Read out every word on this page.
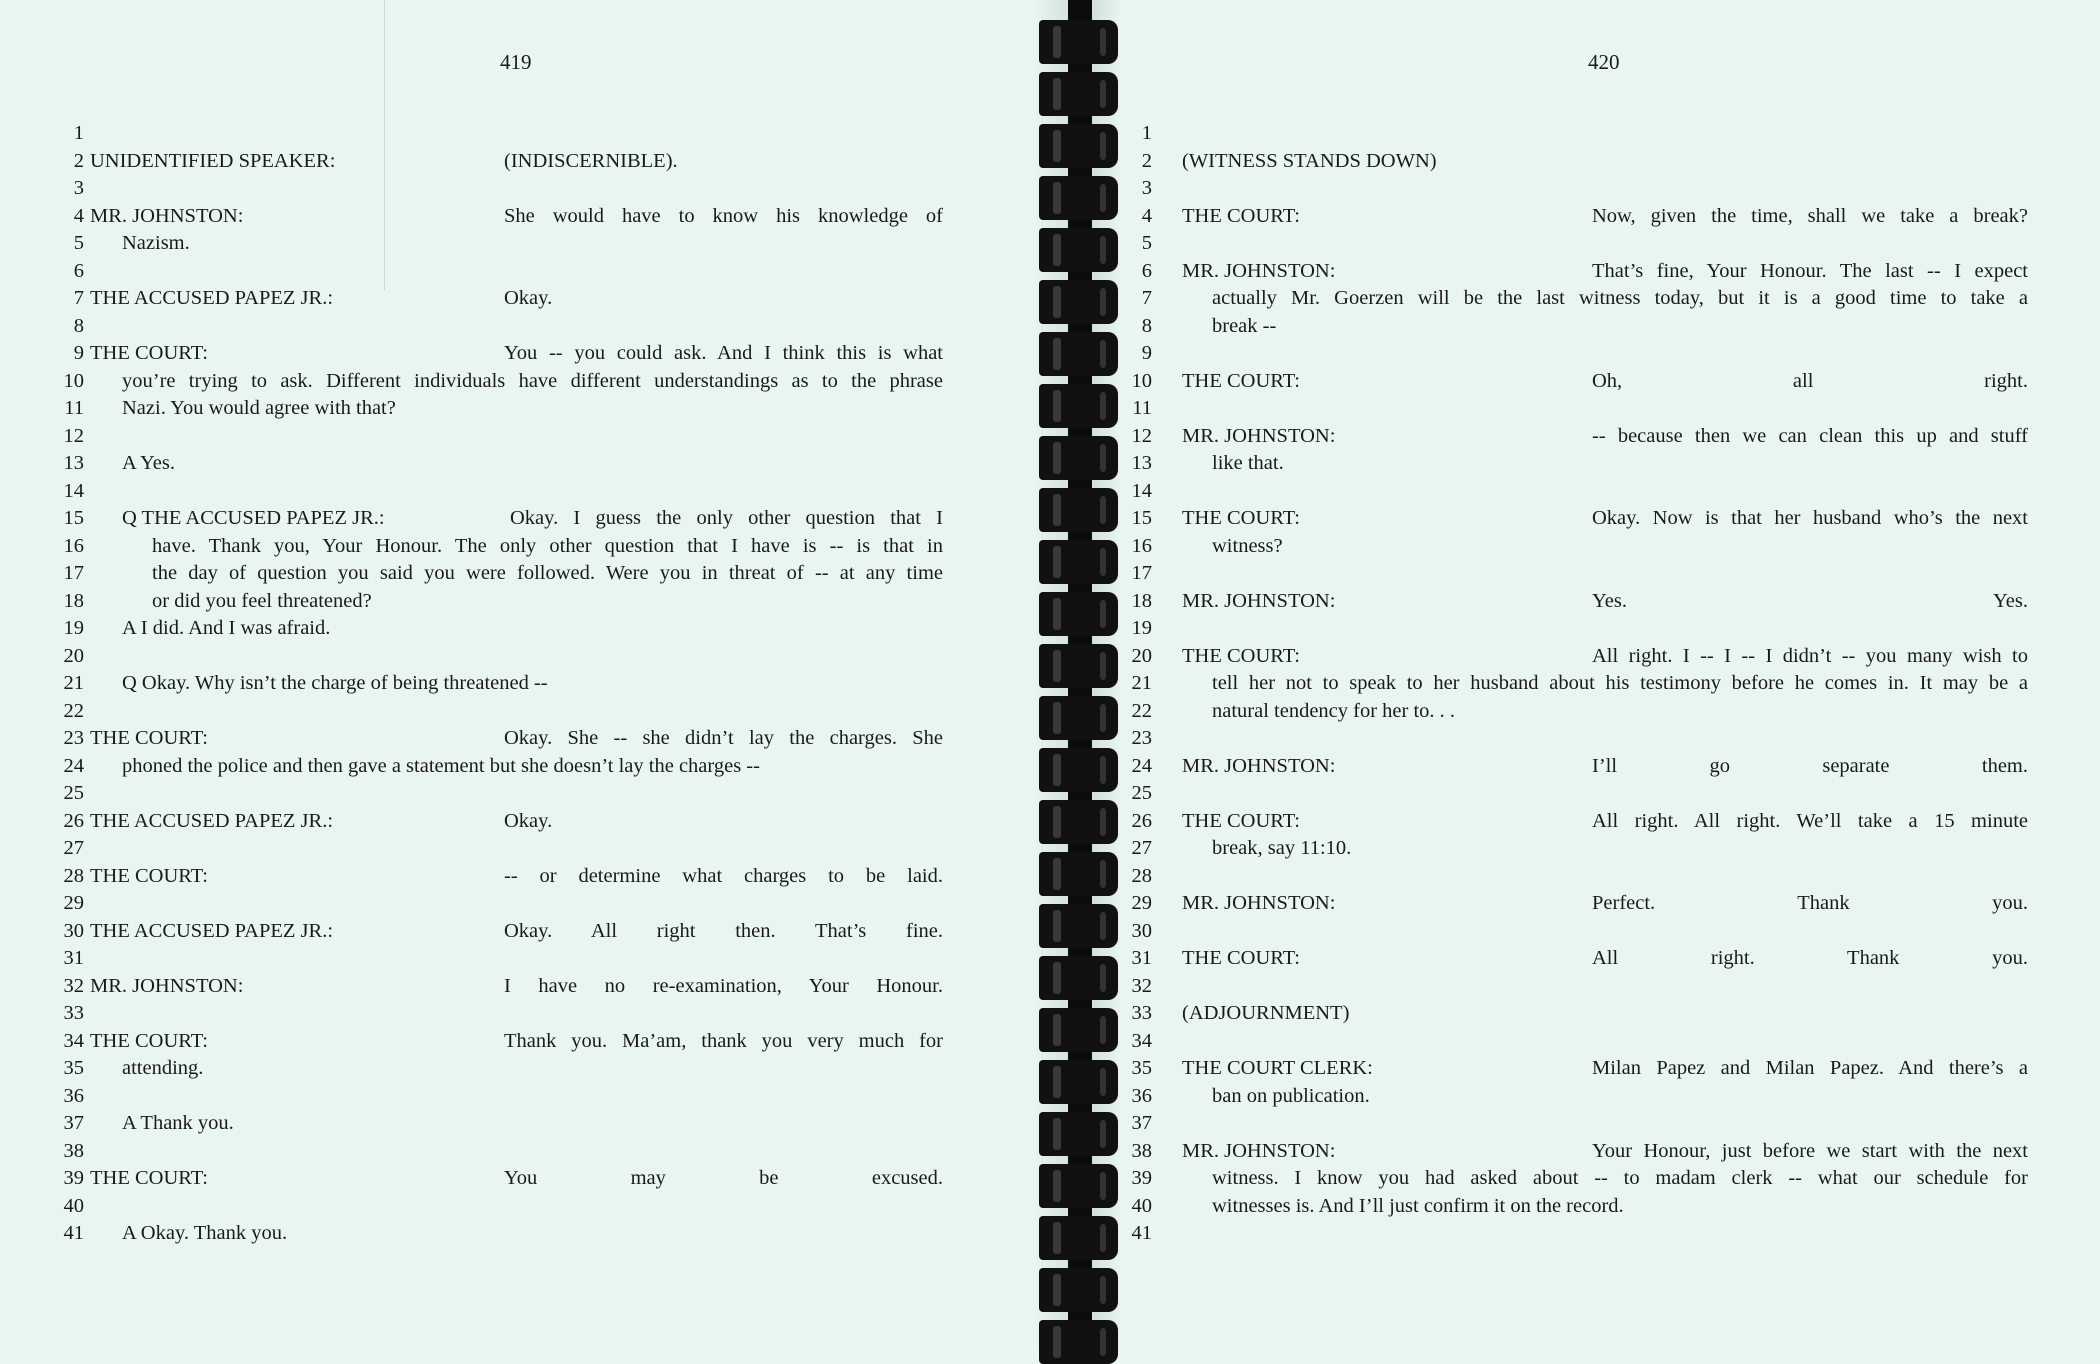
419
1
2 UNIDENTIFIED SPEAKER:	(INDISCERNIBLE).
3
4 MR. JOHNSTON:	She would have to know his knowledge of
5 Nazism.
6
7 THE ACCUSED PAPEZ JR.:	Okay.
8
9 THE COURT:	You -- you could ask. And I think this is what
10 you’re trying to ask. Different individuals have different understandings as to the phrase
11 Nazi. You would agree with that?
12
13 A Yes.
14
15 Q THE ACCUSED PAPEZ JR.:	Okay. I guess the only other question that I
16	have. Thank you, Your Honour. The only other question that I have is -- is that in
17	the day of question you said you were followed. Were you in threat of -- at any time
18	or did you feel threatened?
19 A I did. And I was afraid.
20
21 Q Okay. Why isn’t the charge of being threatened --
22
23 THE COURT:	Okay. She -- she didn’t lay the charges. She
24 phoned the police and then gave a statement but she doesn’t lay the charges --
25
26 THE ACCUSED PAPEZ JR.:	Okay.
27
28 THE COURT:	-- or determine what charges to be laid.
29
30 THE ACCUSED PAPEZ JR.:	Okay. All right then. That’s fine.
31
32 MR. JOHNSTON:	I have no re-examination, Your Honour.
33
34 THE COURT:	Thank you. Ma’am, thank you very much for
35 attending.
36
37 A Thank you.
38
39 THE COURT:	You may be excused.
40
41 A Okay. Thank you.
420
1
2 (WITNESS STANDS DOWN)
3
4 THE COURT:	Now, given the time, shall we take a break?
5
6 MR. JOHNSTON:	That’s fine, Your Honour. The last -- I expect
7	actually Mr. Goerzen will be the last witness today, but it is a good time to take a
8	break --
9
10 THE COURT:	Oh, all right.
11
12 MR. JOHNSTON:	-- because then we can clean this up and stuff
13	like that.
14
15 THE COURT:	Okay. Now is that her husband who’s the next
16	witness?
17
18 MR. JOHNSTON:	Yes. Yes.
19
20 THE COURT:	All right. I -- I -- I didn’t -- you many wish to
21	tell her not to speak to her husband about his testimony before he comes in. It may be a
22	natural tendency for her to. . .
23
24 MR. JOHNSTON:	I’ll go separate them.
25
26 THE COURT:	All right. All right. We’ll take a 15 minute
27	break, say 11:10.
28
29 MR. JOHNSTON:	Perfect. Thank you.
30
31 THE COURT:	All right. Thank you.
32
33 (ADJOURNMENT)
34
35 THE COURT CLERK:	Milan Papez and Milan Papez. And there’s a
36	ban on publication.
37
38 MR. JOHNSTON:	Your Honour, just before we start with the next
39	witness. I know you had asked about -- to madam clerk -- what our schedule for
40	witnesses is. And I’ll just confirm it on the record.
41
